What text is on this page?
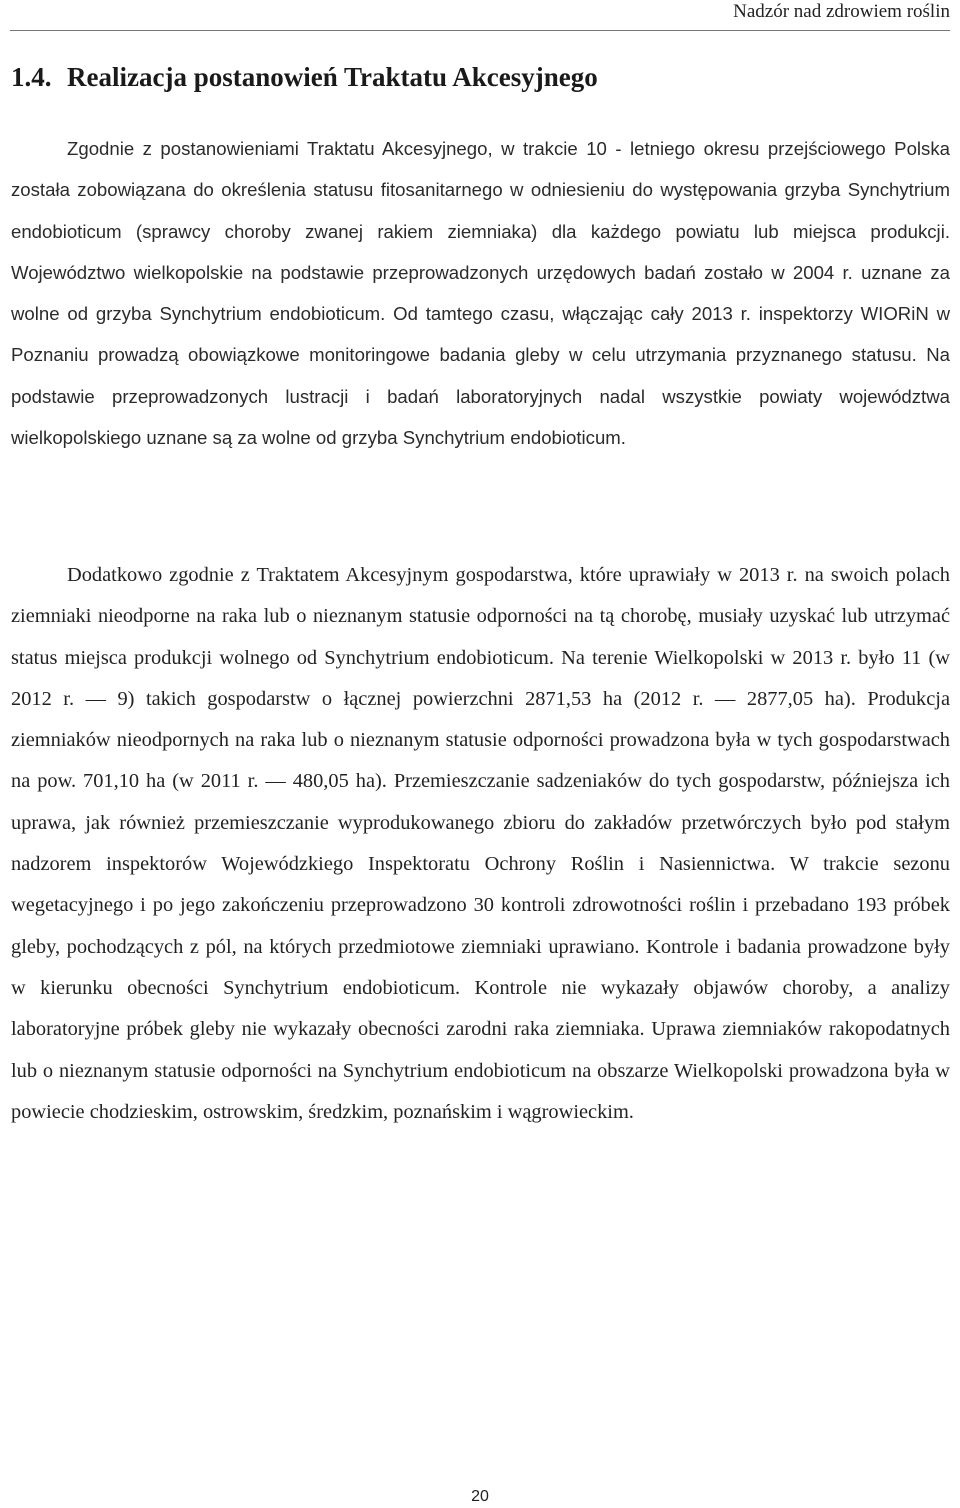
Nadzór nad zdrowiem roślin
1.4. Realizacja postanowień Traktatu Akcesyjnego

Zgodnie z postanowieniami Traktatu Akcesyjnego, w trakcie 10 - letniego okresu przejściowego Polska została zobowiązana do określenia statusu fitosanitarnego w odniesieniu do występowania grzyba Synchytrium endobioticum (sprawcy choroby zwanej rakiem ziemniaka) dla każdego powiatu lub miejsca produkcji. Województwo wielkopolskie na podstawie przeprowadzonych urzędowych badań zostało w 2004 r. uznane za wolne od grzyba Synchytrium endobioticum. Od tamtego czasu, włączając cały 2013 r. inspektorzy WIORiN w Poznaniu prowadzą obowiązkowe monitoringowe badania gleby w celu utrzymania przyznanego statusu. Na podstawie przeprowadzonych lustracji i badań laboratoryjnych nadal wszystkie powiaty województwa wielkopolskiego uznane są za wolne od grzyba Synchytrium endobioticum.

Dodatkowo zgodnie z Traktatem Akcesyjnym gospodarstwa, które uprawiały w 2013 r. na swoich polach ziemniaki nieodporne na raka lub o nieznanym statusie odporności na tą chorobę, musiały uzyskać lub utrzymać status miejsca produkcji wolnego od Synchytrium endobioticum. Na terenie Wielkopolski w 2013 r. było 11 (w 2012 r. — 9) takich gospodarstw o łącznej powierzchni 2871,53 ha (2012 r. — 2877,05 ha). Produkcja ziemniaków nieodpornych na raka lub o nieznanym statusie odporności prowadzona była w tych gospodarstwach na pow. 701,10 ha (w 2011 r. — 480,05 ha). Przemieszczanie sadzeniaków do tych gospodarstw, późniejsza ich uprawa, jak również przemieszczanie wyprodukowanego zbioru do zakładów przetwórczych było pod stałym nadzorem inspektorów Wojewódzkiego Inspektoratu Ochrony Roślin i Nasiennictwa. W trakcie sezonu wegetacyjnego i po jego zakończeniu przeprowadzono 30 kontroli zdrowotności roślin i przebadano 193 próbek gleby, pochodzących z pól, na których przedmiotowe ziemniaki uprawiano. Kontrole i badania prowadzone były w kierunku obecności Synchytrium endobioticum. Kontrole nie wykazały objawów choroby, a analizy laboratoryjne próbek gleby nie wykazały obecności zarodni raka ziemniaka. Uprawa ziemniaków rakopodatnych lub o nieznanym statusie odporności na Synchytrium endobioticum na obszarze Wielkopolski prowadzona była w powiecie chodzieskim, ostrowskim, średzkim, poznańskim i wągrowieckim.

20
